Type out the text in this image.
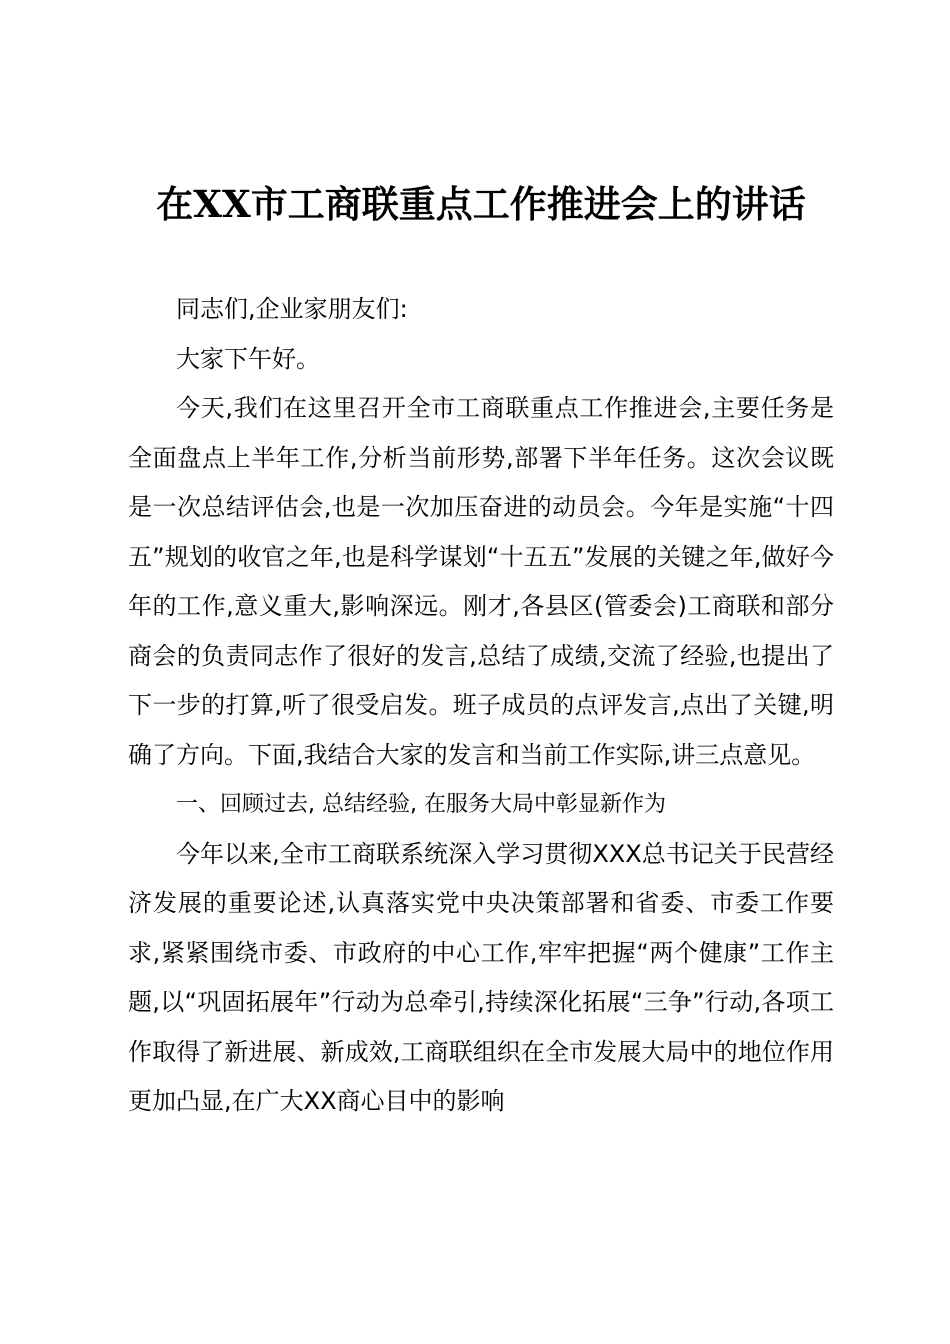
在XX市工商联重点工作推进会上的讲话

同志们,企业家朋友们:

大家下午好。

今天,我们在这里召开全市工商联重点工作推进会,主要任务是全面盘点上半年工作,分析当前形势,部署下半年任务。这次会议既是一次总结评估会,也是一次加压奋进的动员会。今年是实施“十四五”规划的收官之年,也是科学谋划“十五五”发展的关键之年,做好今年的工作,意义重大,影响深远。刚才,各县区(管委会)工商联和部分商会的负责同志作了很好的发言,总结了成绩,交流了经验,也提出了下一步的打算,听了很受启发。班子成员的点评发言,点出了关键,明确了方向。下面,我结合大家的发言和当前工作实际,讲三点意见。

一、回顾过去, 总结经验, 在服务大局中彰显新作为

今年以来,全市工商联系统深入学习贯彻XXX总书记关于民营经济发展的重要论述,认真落实党中央决策部署和省委、市委工作要求,紧紧围绕市委、市政府的中心工作,牢牢把握“两个健康”工作主题,以“巩固拓展年”行动为总牵引,持续深化拓展“三争”行动,各项工作取得了新进展、新成效,工商联组织在全市发展大局中的地位作用更加凸显,在广大XX商心目中的影响
